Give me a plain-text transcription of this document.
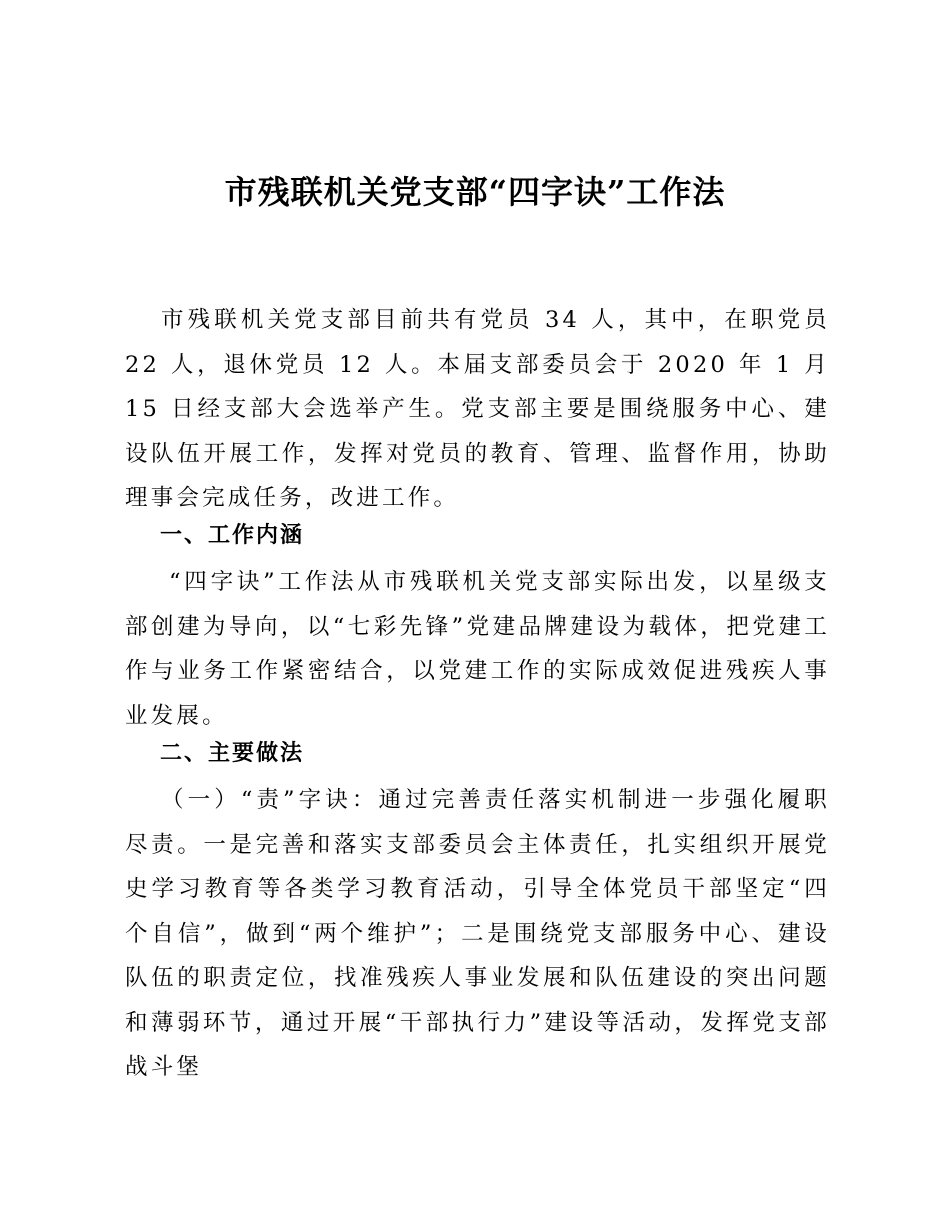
市残联机关党支部“四字诀”工作法

市残联机关党支部目前共有党员 34 人，其中，在职党员 22 人，退休党员 12 人。本届支部委员会于 2020 年 1 月 15 日经支部大会选举产生。党支部主要是围绕服务中心、建设队伍开展工作，发挥对党员的教育、管理、监督作用，协助理事会完成任务，改进工作。

一、工作内涵

“四字诀”工作法从市残联机关党支部实际出发，以星级支部创建为导向，以“七彩先锋”党建品牌建设为载体，把党建工作与业务工作紧密结合，以党建工作的实际成效促进残疾人事业发展。

二、主要做法

（一）“责”字诀：通过完善责任落实机制进一步强化履职尽责。一是完善和落实支部委员会主体责任，扎实组织开展党史学习教育等各类学习教育活动，引导全体党员干部坚定“四个自信”，做到“两个维护”；二是围绕党支部服务中心、建设队伍的职责定位，找准残疾人事业发展和队伍建设的突出问题和薄弱环节，通过开展“干部执行力”建设等活动，发挥党支部战斗堡
